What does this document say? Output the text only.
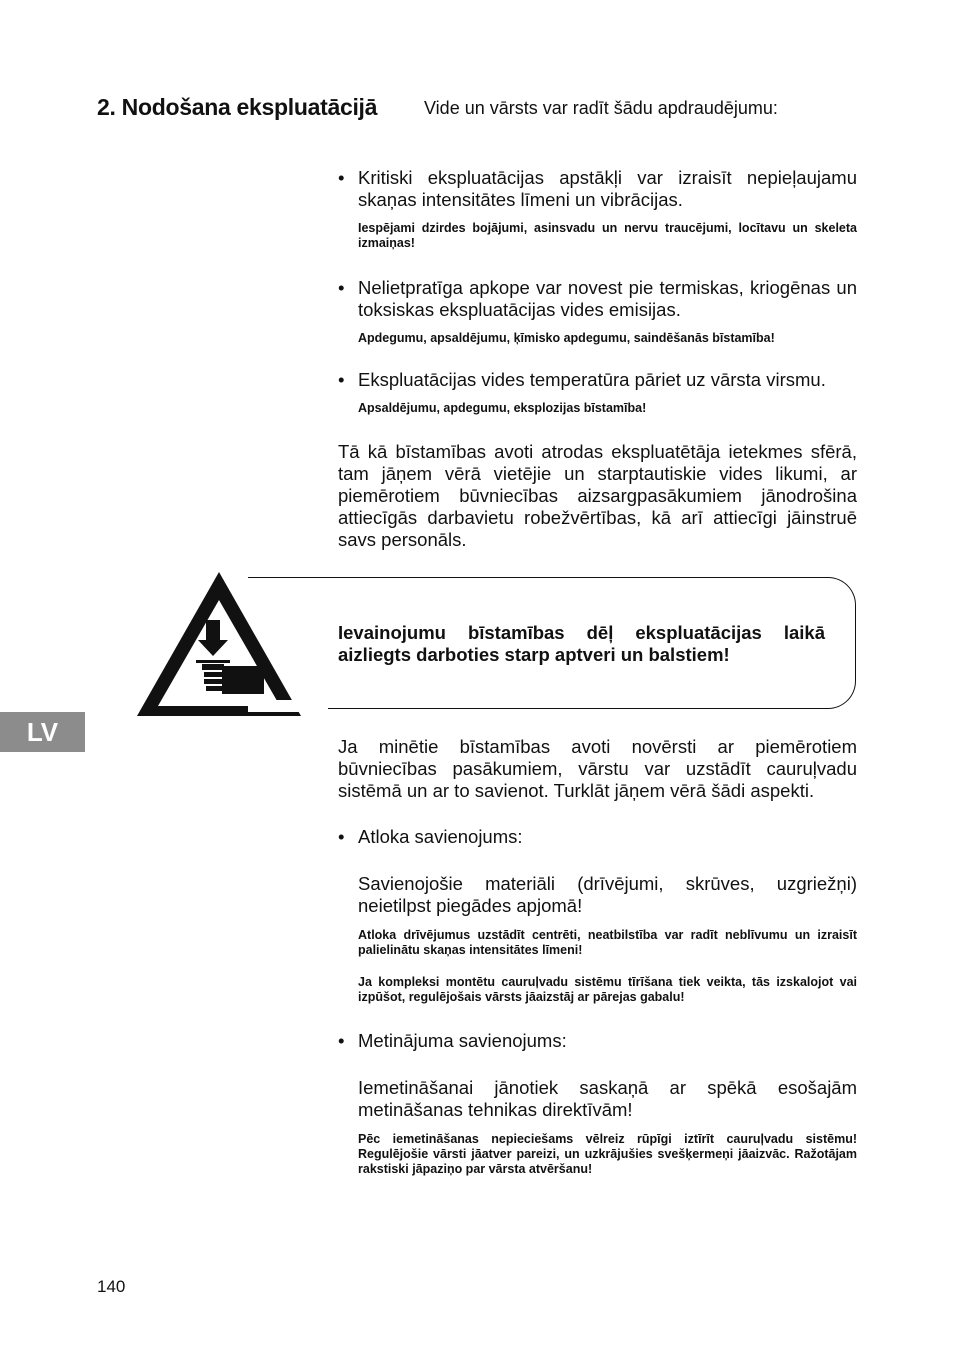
2. Nodošana ekspluatācijā	Vide un vārsts var radīt šādu apdraudējumu:
• Kritiski ekspluatācijas apstākļi var izraisīt nepieļaujamu skaņas intensitātes līmeni un vibrācijas.
Iespējami dzirdes bojājumi, asinsvadu un nervu traucējumi, locītavu un skeleta izmaiņas!
• Nelietpratīga apkope var novest pie termiskas, kriogēnas un toksiskas ekspluatācijas vides emisijas.
Apdegumu, apsaldējumu, ķīmisko apdegumu, saindēšanās bīstamība!
• Ekspluatācijas vides temperatūra pāriet uz vārsta virsmu.
Apsaldējumu, apdegumu, eksplozijas bīstamība!
Tā kā bīstamības avoti atrodas ekspluatētāja ietekmes sfērā, tam jāņem vērā vietējie un starptautiskie vides likumi, ar piemērotiem būvniecības aizsargpasākumiem jānodrošina attiecīgās darbavietu robežvērtības, kā arī attiecīgi jāinstruē savs personāls.
Ievainojumu bīstamības dēļ ekspluatācijas laikā aizliegts darboties starp aptveri un balstiem!
LV	Ja minētie bīstamības avoti novērsti ar piemērotiem būvniecības pasākumiem, vārstu var uzstādīt cauruļvadu sistēmā un ar to savienot. Turklāt jāņem vērā šādi aspekti.
• Atloka savienojums:
Savienojošie materiāli (drīvējumi, skrūves, uzgriežņi) neietilpst piegādes apjomā!
Atloka drīvējumus uzstādīt centrēti, neatbilstība var radīt neblīvumu un izraisīt palielinātu skaņas intensitātes līmeni!
Ja kompleksi montētu cauruļvadu sistēmu tīrīšana tiek veikta, tās izskalojot vai izpūšot, regulējošais vārsts jāaizstāj ar pārejas gabalu!
• Metinājuma savienojums:
Iemetināšanai jānotiek saskaņā ar spēkā esošajām metināšanas tehnikas direktīvām!
Pēc iemetināšanas nepieciešams vēlreiz rūpīgi iztīrīt cauruļvadu sistēmu! Regulējošie vārsti jāatver pareizi, un uzkrājušies svešķermeņi jāaizvāc. Ražotājam rakstiski jāpaziņo par vārsta atvēršanu!
140
